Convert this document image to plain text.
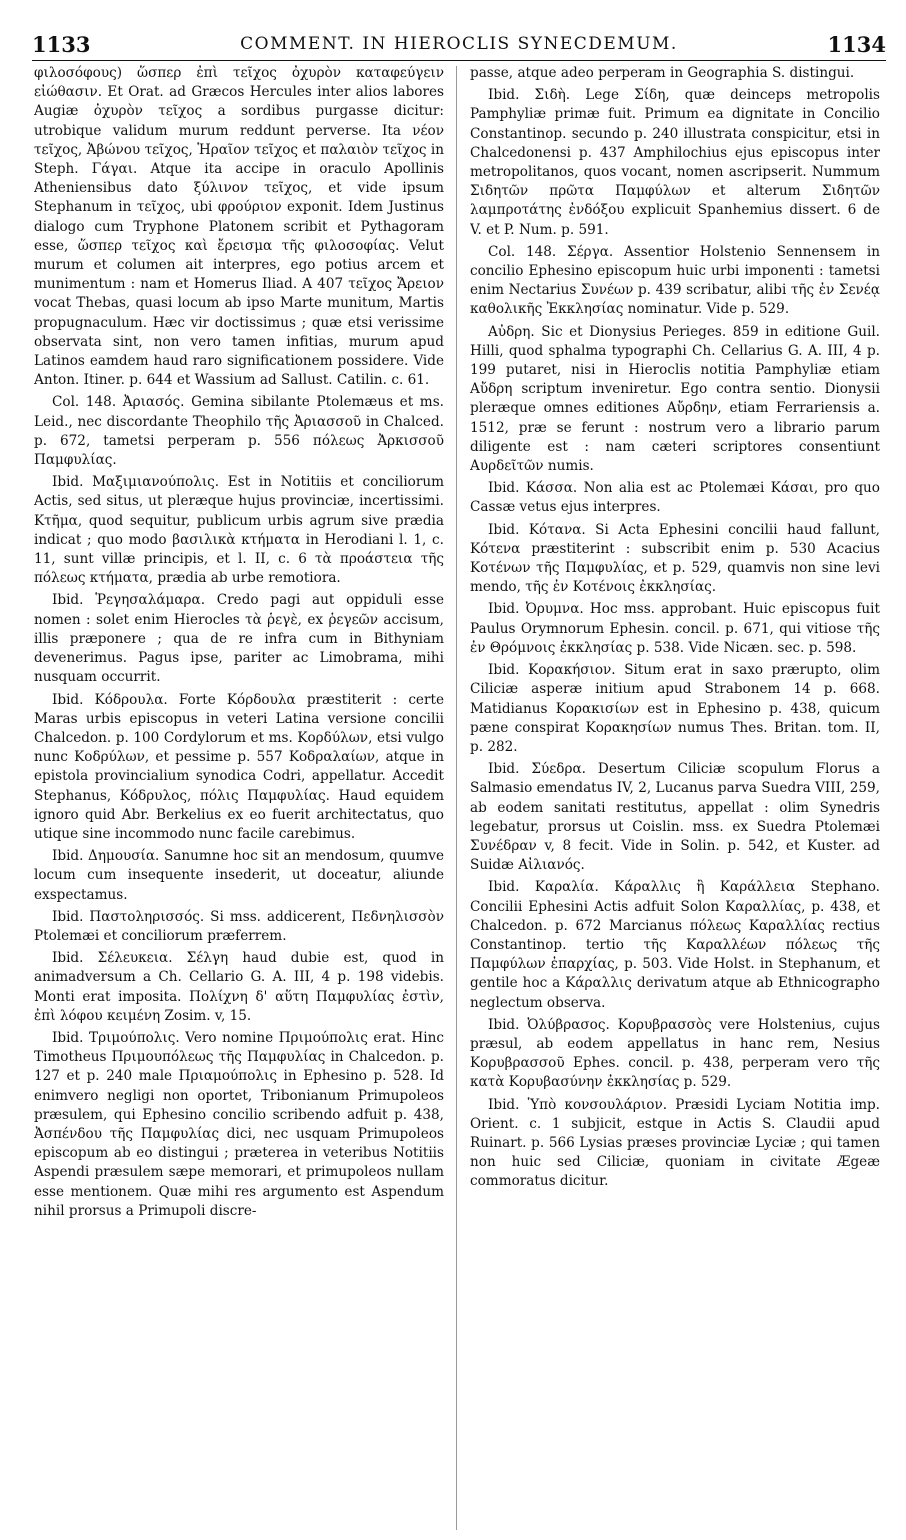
1133	COMMENT. IN HIEROCLIS SYNECDEMUM.	1134

φιλοσόφους) ὥσπερ ἐπὶ τεῖχος ὀχυρὸν καταφεύγειν εἰώθασιν. Et Orat. ad Græcos Hercules inter alios labores Augiæ ὀχυρὸν τεῖχος a sordibus purgasse dicitur: utrobique validum murum reddunt perverse. Ita νέον τεῖχος, Ἀβώνου τεῖχος, Ἡραῖον τεῖχος et παλαιὸν τεῖχος in Steph. Γάγαι. Atque ita accipe in oraculo Apollinis Atheniensibus dato ξύλινον τεῖχος, et vide ipsum Stephanum in τεῖχος, ubi φρούριον exponit. Idem Justinus dialogo cum Tryphone Platonem scribit et Pythagoram esse, ὥσπερ τεῖχος καὶ ἔρεισμα τῆς φιλοσοφίας. Velut murum et columen ait interpres, ego potius arcem et munimentum : nam et Homerus Iliad. A 407 τεῖχος Ἄρειον vocat Thebas, quasi locum ab ipso Marte munitum, Martis propugnaculum. Hæc vir doctissimus ; quæ etsi verissime observata sint, non vero tamen infitias, murum apud Latinos eamdem haud raro significationem possidere. Vide Anton. Itiner. p. 644 et Wassium ad Sallust. Catilin. c. 61.

Col. 148. Ἀριασός. Gemina sibilante Ptolemæus et ms. Leid., nec discordante Theophilo τῆς Ἀριασσοῦ in Chalced. p. 672, tametsi perperam p. 556 πόλεως Ἀρκισσοῦ Παμφυλίας.

Ibid. Μαξιμιανούπολις. Est in Notitiis et conciliorum Actis, sed situs, ut pleræque hujus provinciæ, incertissimi. Κτῆμα, quod sequitur, publicum urbis agrum sive prædia indicat ; quo modo βασιλικὰ κτήματα in Herodiani l. 1, c. 11, sunt villæ principis, et l. II, c. 6 τὰ προάστεια τῆς πόλεως κτήματα, prædia ab urbe remotiora.

Ibid. Ῥεγησαλάμαρα. Credo pagi aut oppiduli esse nomen : solet enim Hierocles τὰ ῥεγὲ, ex ῥεγεῶν accisum, illis præponere ; qua de re infra cum in Bithyniam devenerimus. Pagus ipse, pariter ac Limobrama, mihi nusquam occurrit.

Ibid. Κόδρουλα. Forte Κόρδουλα præstiterit : certe Maras urbis episcopus in veteri Latina versione concilii Chalcedon. p. 100 Cordylorum et ms. Κορδύλων, etsi vulgo nunc Κοδρύλων, et pessime p. 557 Κοδραλαίων, atque in epistola provincialium synodica Codri, appellatur. Accedit Stephanus, Κόδρυλος, πόλις Παμφυλίας. Haud equidem ignoro quid Abr. Berkelius ex eo fuerit architectatus, quo utique sine incommodo nunc facile carebimus.

Ibid. Δημουσία. Sanumne hoc sit an mendosum, quumve locum cum insequente insederit, ut doceatur, aliunde exspectamus.

Ibid. Παστοληρισσός. Si mss. addicerent, Πεδνηλισσὸν Ptolemæi et conciliorum præferrem.

Ibid. Σέλευκεια. Σέλγη haud dubie est, quod in animadversum a Ch. Cellario G. A. III, 4 p. 198 videbis. Monti erat imposita. Πολίχνη δ' αὕτη Παμφυλίας ἐστὶν, ἐπὶ λόφου κειμένη Zosim. v, 15.

Ibid. Τριμούπολις. Vero nomine Πριμούπολις erat. Hinc Timotheus Πριμουπόλεως τῆς Παμφυλίας in Chalcedon. p. 127 et p. 240 male Πριαμούπολις in Ephesino p. 528. Id enimvero negligi non oportet, Tribonianum Primupoleos præsulem, qui Ephesino concilio scribendo adfuit p. 438, Ἀσπένδου τῆς Παμφυλίας dici, nec usquam Primupoleos episcopum ab eo distingui ; præterea in veteribus Notitiis Aspendi præsulem sæpe memorari, et primupoleos nullam esse mentionem. Quæ mihi res argumento est Aspendum nihil prorsus a Primupoli discre-

passe, atque adeo perperam in Geographia S. distingui.

Ibid. Σιδὴ. Lege Σίδη, quæ deinceps metropolis Pamphyliæ primæ fuit. Primum ea dignitate in Concilio Constantinop. secundo p. 240 illustrata conspicitur, etsi in Chalcedonensi p. 437 Amphilochius ejus episcopus inter metropolitanos, quos vocant, nomen ascripserit. Nummum Σιδητῶν πρῶτα Παμφύλων et alterum Σιδητῶν λαμπροτάτης ἐνδόξου explicuit Spanhemius dissert. 6 de V. et P. Num. p. 591.

Col. 148. Σέργα. Assentior Holstenio Sennensem in concilio Ephesino episcopum huic urbi imponenti : tametsi enim Nectarius Συνέων p. 439 scribatur, alibi τῆς ἐν Σενέᾳ καθολικῆς Ἐκκλησίας nominatur. Vide p. 529.

Αὐδρη. Sic et Dionysius Perieges. 859 in editione Guil. Hilli, quod sphalma typographi Ch. Cellarius G. A. III, 4 p. 199 putaret, nisi in Hieroclis notitia Pamphyliæ etiam Αὔδρη scriptum inveniretur. Ego contra sentio. Dionysii pleræque omnes editiones Αὔρδην, etiam Ferrariensis a. 1512, præ se ferunt : nostrum vero a librario parum diligente est : nam cæteri scriptores consentiunt Αυρδεῖτῶν numis.

Ibid. Κάσσα. Non alia est ac Ptolemæi Κάσαι, pro quo Cassæ vetus ejus interpres.

Ibid. Κότανα. Si Acta Ephesini concilii haud fallunt, Κότενα præstiterint : subscribit enim p. 530 Acacius Κοτένων τῆς Παμφυλίας, et p. 529, quamvis non sine levi mendo, τῆς ἐν Κοτένοις ἐκκλησίας.

Ibid. Ὀρυμνα. Hoc mss. approbant. Huic episcopus fuit Paulus Orymnorum Ephesin. concil. p. 671, qui vitiose τῆς ἐν Θρόμνοις ἐκκλησίας p. 538. Vide Nicæn. sec. p. 598.

Ibid. Κορακήσιον. Situm erat in saxo prærupto, olim Ciliciæ asperæ initium apud Strabonem 14 p. 668. Matidianus Κορακισίων est in Ephesino p. 438, quicum pæne conspirat Κορακησίων numus Thes. Britan. tom. II, p. 282.

Ibid. Σύεδρα. Desertum Ciliciæ scopulum Florus a Salmasio emendatus IV, 2, Lucanus parva Suedra VIII, 259, ab eodem sanitati restitutus, appellat : olim Synedris legebatur, prorsus ut Coislin. mss. ex Suedra Ptolemæi Συνέδραν v, 8 fecit. Vide in Solin. p. 542, et Kuster. ad Suidæ Αἰλιανός.

Ibid. Καραλία. Κάραλλις ἢ Καράλλεια Stephano. Concilii Ephesini Actis adfuit Solon Καραλλίας, p. 438, et Chalcedon. p. 672 Marcianus πόλεως Καραλλίας rectius Constantinop. tertio τῆς Καραλλέων πόλεως τῆς Παμφύλων ἐπαρχίας, p. 503. Vide Holst. in Stephanum, et gentile hoc a Κάραλλις derivatum atque ab Ethnicographo neglectum observa.

Ibid. Ὀλύβρασος. Κορυβρασσὸς vere Holstenius, cujus præsul, ab eodem appellatus in hanc rem, Nesius Κορυβρασσοῦ Ephes. concil. p. 438, perperam vero τῆς κατὰ Κορυβασύνην ἐκκλησίας p. 529.

Ibid. Ὑπὸ κονσουλάριον. Præsidi Lyciam Notitia imp. Orient. c. 1 subjicit, estque in Actis S. Claudii apud Ruinart. p. 566 Lysias præses provinciæ Lyciæ ; qui tamen non huic sed Ciliciæ, quoniam in civitate Ægeæ commoratus dicitur.
